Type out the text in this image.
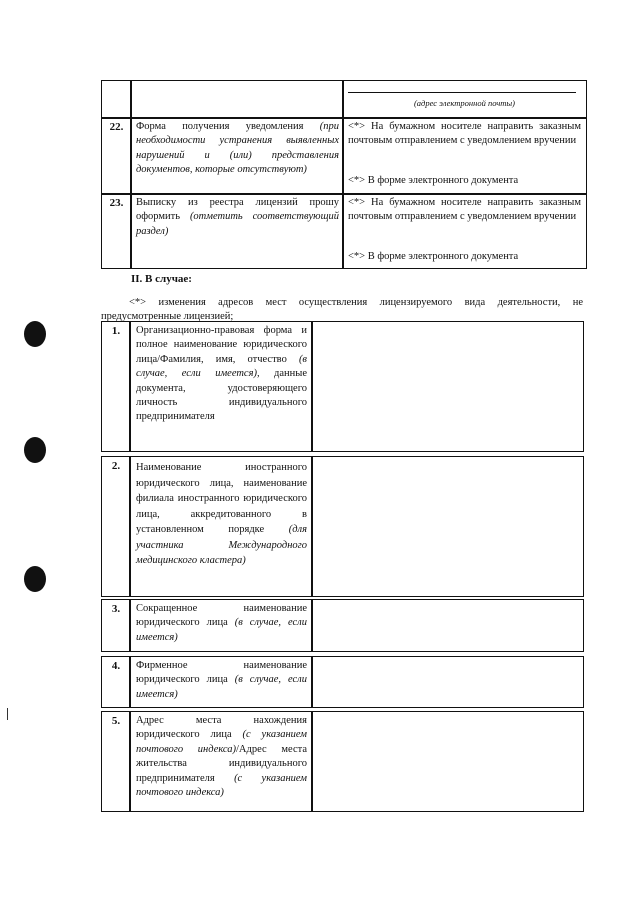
(адрес электронной почты)
22.	Форма получения уведомления (при необходимости устранения выявленных нарушений и (или) представления документов, которые отсутствуют)
<*> На бумажном носителе направить заказным почтовым отправлением с уведомлением вручении
<*> В форме электронного документа
23.	Выписку из реестра лицензий прошу оформить (отметить соответствующий раздел)
<*> На бумажном носителе направить заказным почтовым отправлением с уведомлением вручении
<*> В форме электронного документа
II. В случае:
<*> изменения адресов мест осуществления лицензируемого вида деятельности, не предусмотренные лицензией;
1.	Организационно-правовая форма и полное наименование юридического лица/Фамилия, имя, отчество (в случае, если имеется), данные документа, удостоверяющего личность индивидуального предпринимателя
2.	Наименование иностранного юридического лица, наименование филиала иностранного юридического лица, аккредитованного в установленном порядке (для участника Международного медицинского кластера)
3.	Сокращенное наименование юридического лица (в случае, если имеется)
4.	Фирменное наименование юридического лица (в случае, если имеется)
5.	Адрес места нахождения юридического лица (с указанием почтового индекса)/Адрес места жительства индивидуального предпринимателя (с указанием почтового индекса)
